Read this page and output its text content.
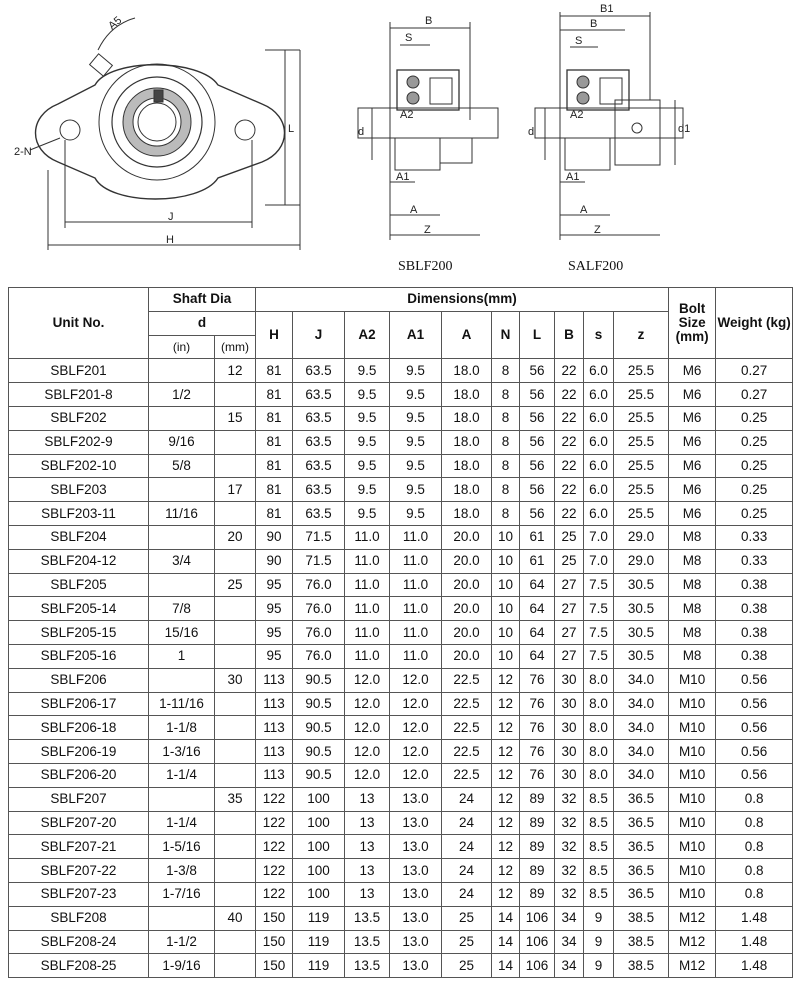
A5
2-N
J
H
L
B
S
A2
d
A1
A
Z
B1
B
S
A2
d
A1
A
Z
d1
SBLF200	SALF200
Unit No.	Shaft Dia		Dimensions(mm)										Bolt Size (mm)	Weight (kg)
	d		H	J	A2	A1	A	N	L	B	s	z		
	(in)	(mm)												
SBLF201		12	81	63.5	9.5	9.5	18.0	8	56	22	6.0	25.5	M6	0.27
SBLF201-8	1/2		81	63.5	9.5	9.5	18.0	8	56	22	6.0	25.5	M6	0.27
SBLF202		15	81	63.5	9.5	9.5	18.0	8	56	22	6.0	25.5	M6	0.25
SBLF202-9	9/16		81	63.5	9.5	9.5	18.0	8	56	22	6.0	25.5	M6	0.25
SBLF202-10	5/8		81	63.5	9.5	9.5	18.0	8	56	22	6.0	25.5	M6	0.25
SBLF203		17	81	63.5	9.5	9.5	18.0	8	56	22	6.0	25.5	M6	0.25
SBLF203-11	11/16		81	63.5	9.5	9.5	18.0	8	56	22	6.0	25.5	M6	0.25
SBLF204		20	90	71.5	11.0	11.0	20.0	10	61	25	7.0	29.0	M8	0.33
SBLF204-12	3/4		90	71.5	11.0	11.0	20.0	10	61	25	7.0	29.0	M8	0.33
SBLF205		25	95	76.0	11.0	11.0	20.0	10	64	27	7.5	30.5	M8	0.38
SBLF205-14	7/8		95	76.0	11.0	11.0	20.0	10	64	27	7.5	30.5	M8	0.38
SBLF205-15	15/16		95	76.0	11.0	11.0	20.0	10	64	27	7.5	30.5	M8	0.38
SBLF205-16	1		95	76.0	11.0	11.0	20.0	10	64	27	7.5	30.5	M8	0.38
SBLF206		30	113	90.5	12.0	12.0	22.5	12	76	30	8.0	34.0	M10	0.56
SBLF206-17	1-11/16		113	90.5	12.0	12.0	22.5	12	76	30	8.0	34.0	M10	0.56
SBLF206-18	1-1/8		113	90.5	12.0	12.0	22.5	12	76	30	8.0	34.0	M10	0.56
SBLF206-19	1-3/16		113	90.5	12.0	12.0	22.5	12	76	30	8.0	34.0	M10	0.56
SBLF206-20	1-1/4		113	90.5	12.0	12.0	22.5	12	76	30	8.0	34.0	M10	0.56
SBLF207		35	122	100	13	13.0	24	12	89	32	8.5	36.5	M10	0.8
SBLF207-20	1-1/4		122	100	13	13.0	24	12	89	32	8.5	36.5	M10	0.8
SBLF207-21	1-5/16		122	100	13	13.0	24	12	89	32	8.5	36.5	M10	0.8
SBLF207-22	1-3/8		122	100	13	13.0	24	12	89	32	8.5	36.5	M10	0.8
SBLF207-23	1-7/16		122	100	13	13.0	24	12	89	32	8.5	36.5	M10	0.8
SBLF208		40	150	119	13.5	13.0	25	14	106	34	9	38.5	M12	1.48
SBLF208-24	1-1/2		150	119	13.5	13.0	25	14	106	34	9	38.5	M12	1.48
SBLF208-25	1-9/16		150	119	13.5	13.0	25	14	106	34	9	38.5	M12	1.48
